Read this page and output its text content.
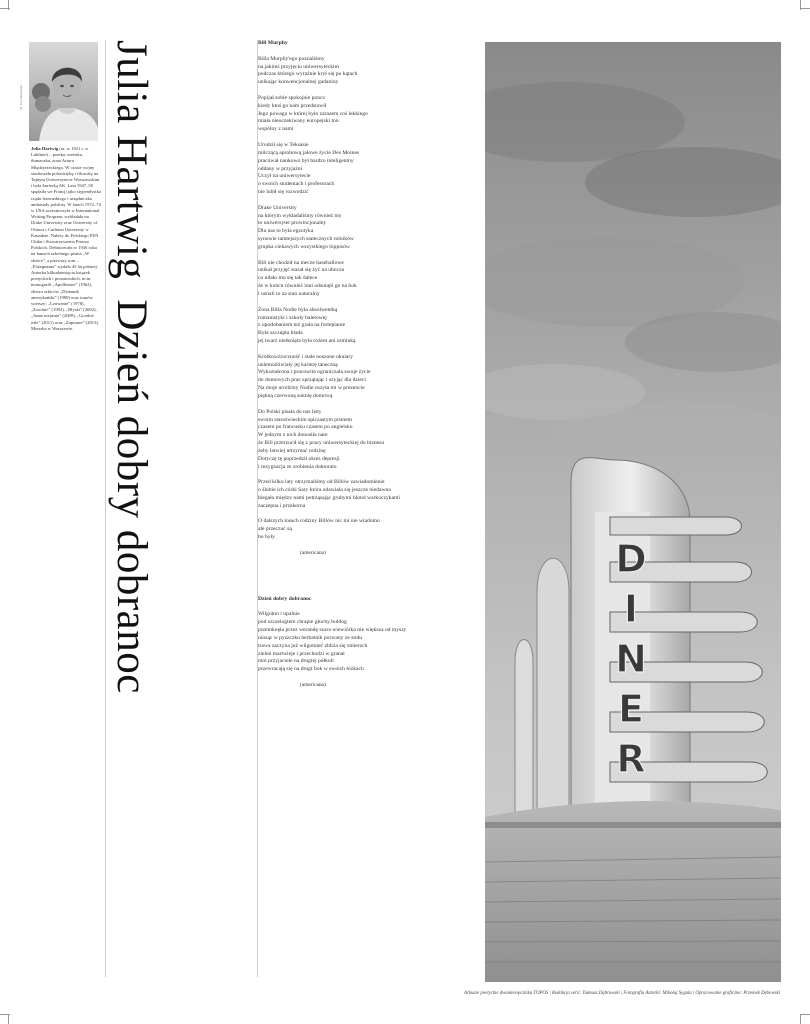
fot. Ewa Maszewska
Julia Hartwig (ur. w 1921 r. w Lublinie) – poetka, eseistka, tłumaczka, żona Artura Międzyrzeckiego. W czasie wojny studiowała polonistykę i filozofię na Tajnym Uniwersytecie Warszawskim i była kurierką AK. Lata 1947–50 spędziła we Francji jako stypendystka rządu francuskiego i urzędniczka ambasady polskiej. W latach 1972–74 w USA uczestniczyła w International Writing Program, wykładała na Drake University oraz University of Ottawa i Carleton University w Kanadzie. Należy do Polskiego PEN Clubu i Stowarzyszenia Pisarzy Polskich. Debiutowała w 1936 roku na łamach szkolnego pisma „W słońce”, a pierwszy tom – „Pożegnania” wydała 45 lat później. Autorka kilkudziesięciu książek poetyckich i prozatorskich, m.in. monografii „Apollinaire” (1962), zbioru szkiców „Dziennik amerykański” (1980) oraz tomów wierszy: „Czuwanie” (1978), „Zwolnić” (1992), „Błyski” (2002), „Jasne niejasne” (2009), „Gorzkie żale” (2011) oraz „Zapisane” (2013). Mieszka w Warszawie.
Julia HartwigDzień dobry dobranoc
Bill Murphy
Billa Murphy'ego poznaliśmy
na jakimś przyjęciu uniwersyteckim
podczas którego wyraźnie krył się po kątach
unikając konwencjonalnej gadaniny
Popijał sobie spokojnie poncz
kiedy ktoś go nam przedstawił
Jego powaga w której było zarazem coś lekkiego
miała nieoczekiwany europejski ton
wspólny z nami
Urodził się w Teksasie
milczącą aprobową jałowe życie Des Moines
pracował naukowo był bardzo inteligentny
oddany w przyjaźni
Uczył na uniwersytecie
o swoich studentach i profesorach
nie lubił się rozwodzić
Drake University
na którym wykładaliśmy również my
to uniwersytet prowincjonalny
Dla nas to była egzotyka
synowie tamtejszych statecznych rolników
grupka ciekawych wszystkiego hippisów
Bill nie chodził na mecze baseballowe
unikał przyjęć starał się żyć na uboczu
co udało mu się tak dalece
że w końcu również inni odsunęli go na bok
i uznali to za stan naturalny
Żona Billa Nodie była absolwentką
romanistyki i szkoły baletowej
z upodobaniem też grała na fortepianie
Była szczupła blada
jej twarz nietknięta była różem ani szminką
Krótkowzroczność i stale noszone okulary
uniemożliwiały jej karierę taneczną
Wykształcona i pracowita ograniczała swoje życie
do domowych prac sprzątając i szyjąc dla dzieci
Na moje urodziny Nodie uszyła mi w prezencie
piękną czerwoną suknię domową
Do Polski pisała do nas listy
swoim staroświeckim spiczastym pismem
czasem po francusku czasem po angielsku
W jednym z nich donosiła nam
że Bill przerzucił się z pracy uniwersyteckiej do biznesu
żeby łatwiej utrzymać rodzinę
Dotyczę tę poprzedził okres depresji
i rezygnacja ze zrobienia doktoratu
Przed kilku laty otrzymaliśmy od Billów zawiadomienie
o ślubie ich córki Sary która odawiała się jeszcze niedawno
biegała między nami potrząsając grubymi blond warkoczykami
zaczepna i przekorna
O dalszych losach rodziny Billów nic mi nie wiadomo
ale przeczuć są
bo były
(americana)
Dzień dobry dobranoc
Wilgotno i upalnie
pod szczelogiem chrapie głuchy buldog
przemknęła przez werandę szara wiewiórka nie większa od myszy
niosąc w pyszczku herbatnik porwany ze stołu
trawa zaczyna już wilgotnieć zbliża się zmierzch
zieleń martwieje i przechodzi w granat
moi przyjaciele na drugiej półkuli
przewracają się na drugi bok w swoich łóżkach
(americana)
D
I
N
E
R
Arkusze poetyckie dwumiesięcznika TOPOS | Redakcja serii: Tadeusz Dąbrowski | Fotografia Autorki: Mikołaj Sygula | Opracowanie graficzne: Przemek Dębowski
